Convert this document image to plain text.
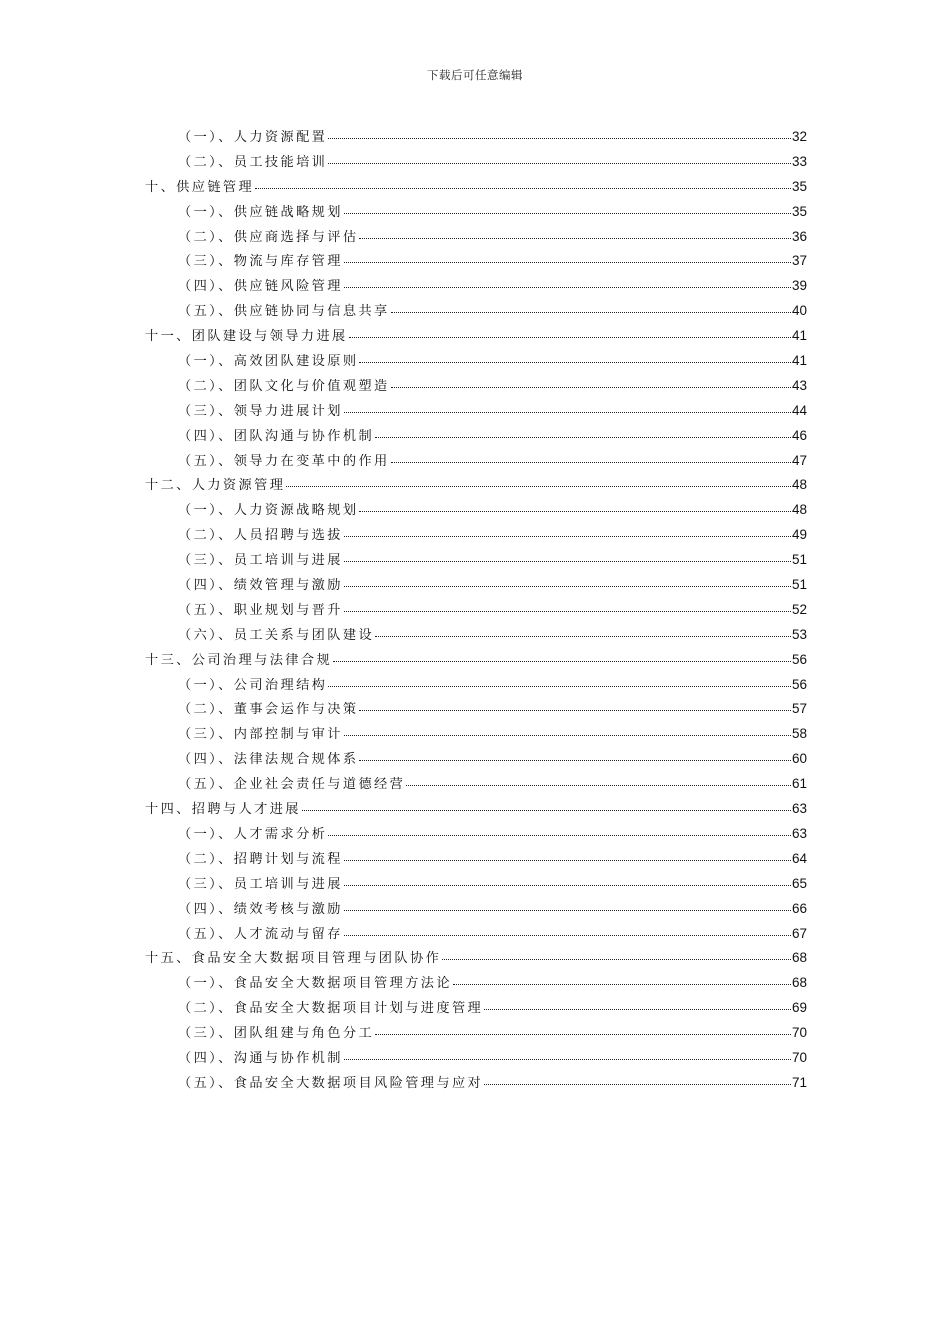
下载后可任意编辑
（一）、人力资源配置	32
（二）、员工技能培训	33
十、供应链管理	35
（一）、供应链战略规划	35
（二）、供应商选择与评估	36
（三）、物流与库存管理	37
（四）、供应链风险管理	39
（五）、供应链协同与信息共享	40
十一、团队建设与领导力进展	41
（一）、高效团队建设原则	41
（二）、团队文化与价值观塑造	43
（三）、领导力进展计划	44
（四）、团队沟通与协作机制	46
（五）、领导力在变革中的作用	47
十二、人力资源管理	48
（一）、人力资源战略规划	48
（二）、人员招聘与选拔	49
（三）、员工培训与进展	51
（四）、绩效管理与激励	51
（五）、职业规划与晋升	52
（六）、员工关系与团队建设	53
十三、公司治理与法律合规	56
（一）、公司治理结构	56
（二）、董事会运作与决策	57
（三）、内部控制与审计	58
（四）、法律法规合规体系	60
（五）、企业社会责任与道德经营	61
十四、招聘与人才进展	63
（一）、人才需求分析	63
（二）、招聘计划与流程	64
（三）、员工培训与进展	65
（四）、绩效考核与激励	66
（五）、人才流动与留存	67
十五、食品安全大数据项目管理与团队协作	68
（一）、食品安全大数据项目管理方法论	68
（二）、食品安全大数据项目计划与进度管理	69
（三）、团队组建与角色分工	70
（四）、沟通与协作机制	70
（五）、食品安全大数据项目风险管理与应对	71
